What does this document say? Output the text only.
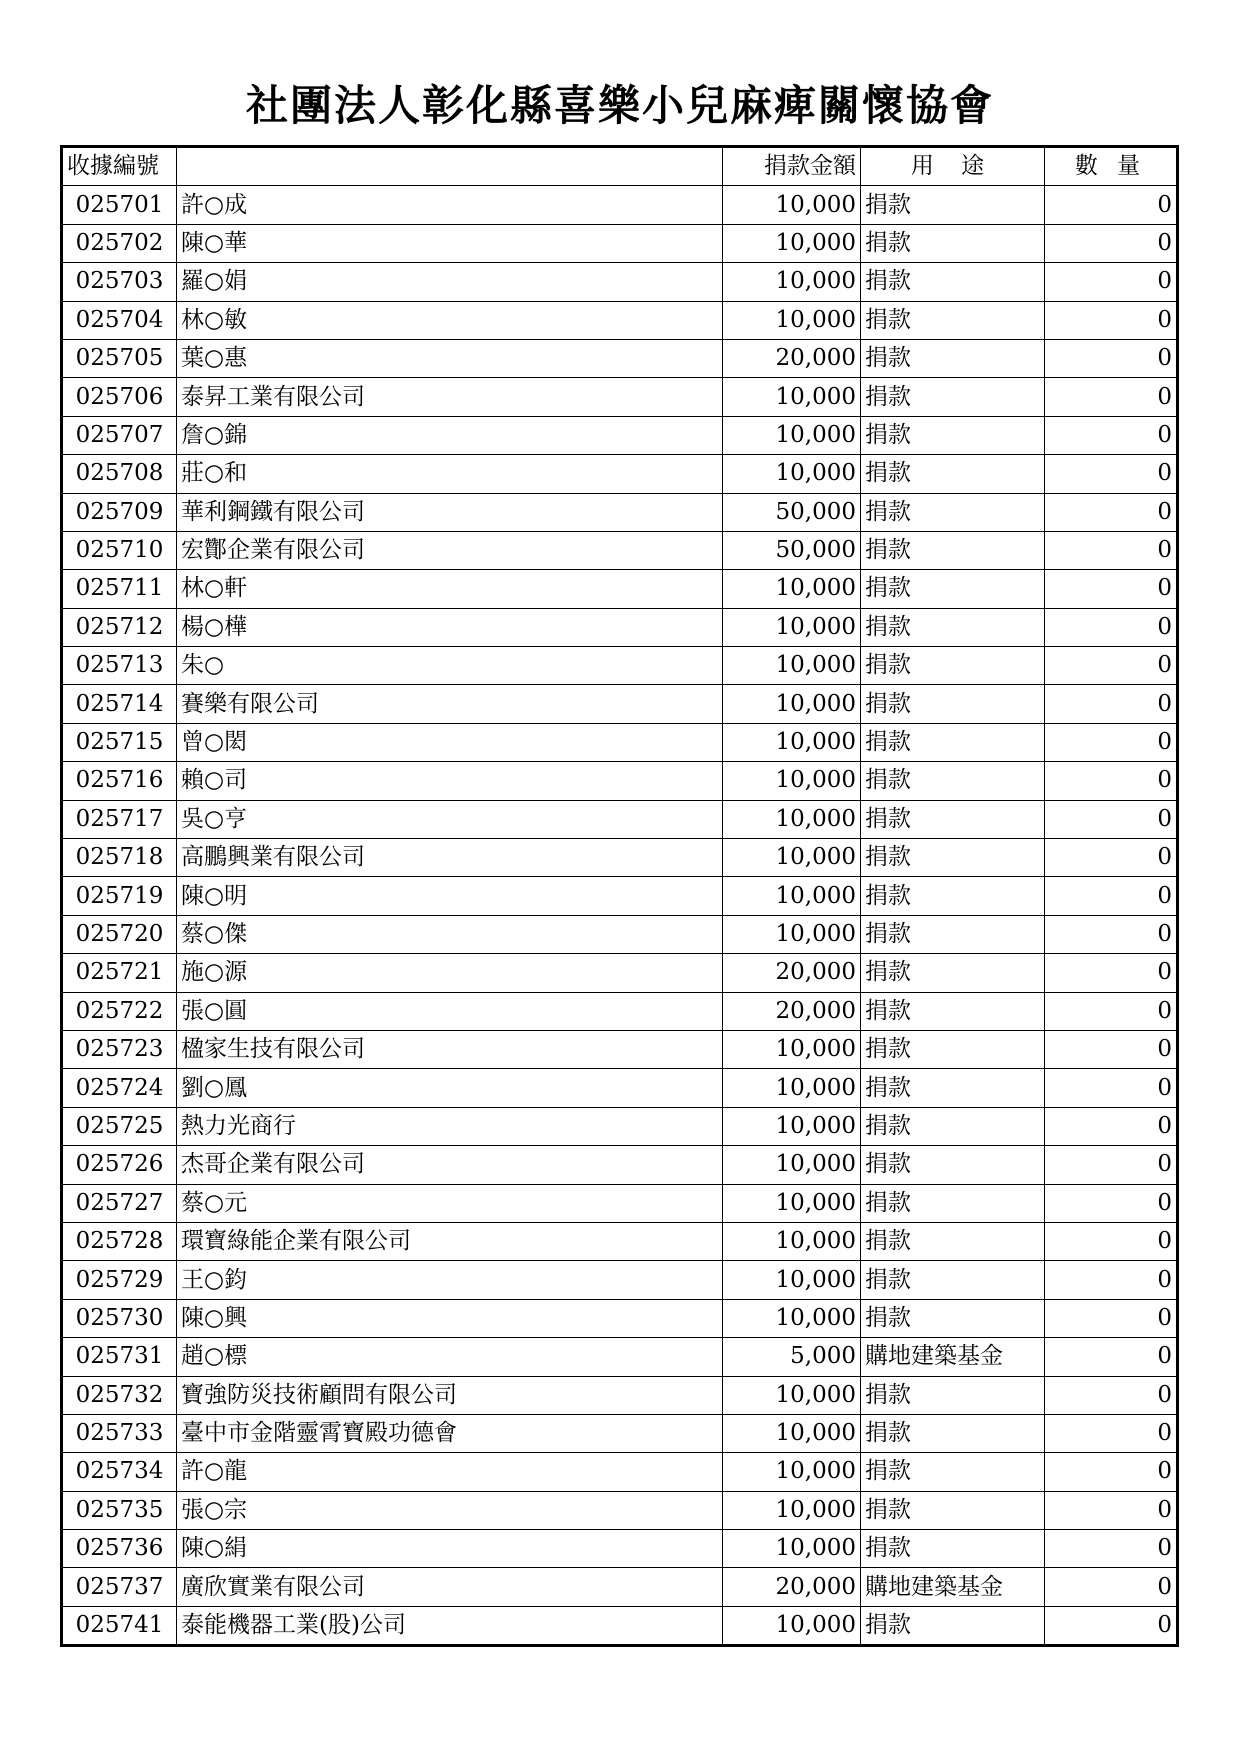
社團法人彰化縣喜樂小兒麻痺關懷協會
收據編號		捐款金額	用 途	數 量
025701	許○成	10,000	捐款	0
025702	陳○華	10,000	捐款	0
025703	羅○娟	10,000	捐款	0
025704	林○敏	10,000	捐款	0
025705	葉○惠	20,000	捐款	0
025706	泰昇工業有限公司	10,000	捐款	0
025707	詹○錦	10,000	捐款	0
025708	莊○和	10,000	捐款	0
025709	華利鋼鐵有限公司	50,000	捐款	0
025710	宏酇企業有限公司	50,000	捐款	0
025711	林○軒	10,000	捐款	0
025712	楊○樺	10,000	捐款	0
025713	朱○	10,000	捐款	0
025714	賽樂有限公司	10,000	捐款	0
025715	曾○閎	10,000	捐款	0
025716	賴○司	10,000	捐款	0
025717	吳○亨	10,000	捐款	0
025718	高鵬興業有限公司	10,000	捐款	0
025719	陳○明	10,000	捐款	0
025720	蔡○傑	10,000	捐款	0
025721	施○源	20,000	捐款	0
025722	張○圓	20,000	捐款	0
025723	楹家生技有限公司	10,000	捐款	0
025724	劉○鳳	10,000	捐款	0
025725	熱力光商行	10,000	捐款	0
025726	杰哥企業有限公司	10,000	捐款	0
025727	蔡○元	10,000	捐款	0
025728	環寶綠能企業有限公司	10,000	捐款	0
025729	王○鈞	10,000	捐款	0
025730	陳○興	10,000	捐款	0
025731	趙○標	5,000	購地建築基金	0
025732	寶強防災技術顧問有限公司	10,000	捐款	0
025733	臺中市金階靈霄寶殿功德會	10,000	捐款	0
025734	許○龍	10,000	捐款	0
025735	張○宗	10,000	捐款	0
025736	陳○絹	10,000	捐款	0
025737	廣欣實業有限公司	20,000	購地建築基金	0
025741	泰能機器工業(股)公司	10,000	捐款	0
